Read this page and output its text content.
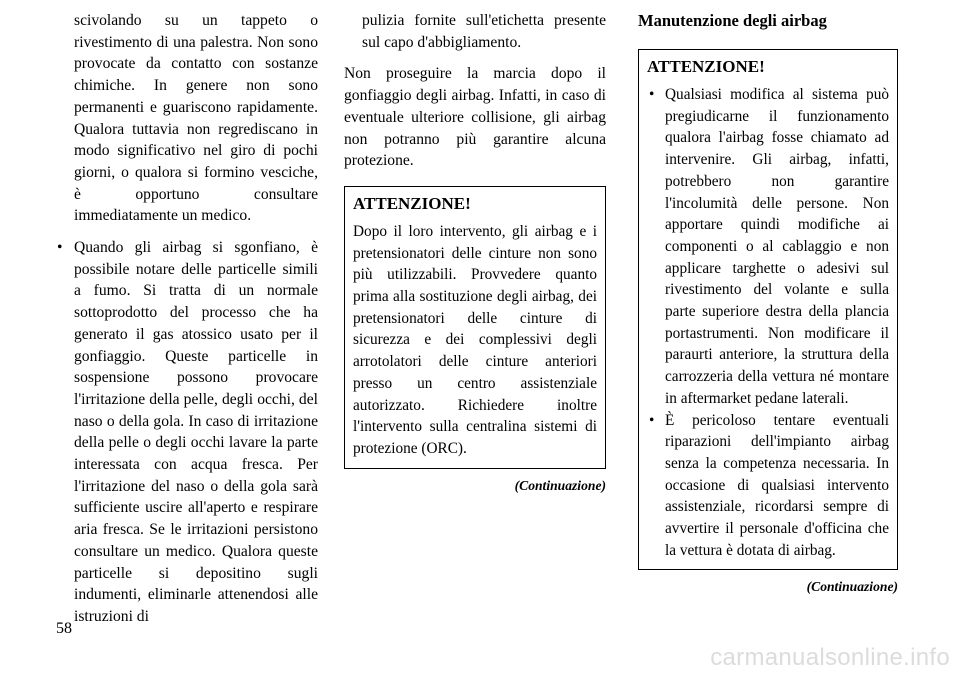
scivolando su un tappeto o rivestimento di una palestra. Non sono provocate da contatto con sostanze chimiche. In genere non sono permanenti e guariscono rapidamente. Qualora tuttavia non regrediscano in modo significativo nel giro di pochi giorni, o qualora si formino vesciche, è opportuno consultare immediatamente un medico.

• Quando gli airbag si sgonfiano, è possibile notare delle particelle simili a fumo. Si tratta di un normale sottoprodotto del processo che ha generato il gas atossico usato per il gonfiaggio. Queste particelle in sospensione possono provocare l'irritazione della pelle, degli occhi, del naso o della gola. In caso di irritazione della pelle o degli occhi lavare la parte interessata con acqua fresca. Per l'irritazione del naso o della gola sarà sufficiente uscire all'aperto e respirare aria fresca. Se le irritazioni persistono consultare un medico. Qualora queste particelle si depositino sugli indumenti, eliminarle attenendosi alle istruzioni di

pulizia fornite sull'etichetta presente sul capo d'abbigliamento.

Non proseguire la marcia dopo il gonfiaggio degli airbag. Infatti, in caso di eventuale ulteriore collisione, gli airbag non potranno più garantire alcuna protezione.

ATTENZIONE!

Dopo il loro intervento, gli airbag e i pretensionatori delle cinture non sono più utilizzabili. Provvedere quanto prima alla sostituzione degli airbag, dei pretensionatori delle cinture di sicurezza e dei complessivi degli arrotolatori delle cinture anteriori presso un centro assistenziale autorizzato. Richiedere inoltre l'intervento sulla centralina sistemi di protezione (ORC).

(Continuazione)
Manutenzione degli airbag
ATTENZIONE!
• Qualsiasi modifica al sistema può pregiudicarne il funzionamento qualora l'airbag fosse chiamato ad intervenire. Gli airbag, infatti, potrebbero non garantire l'incolumità delle persone. Non apportare quindi modifiche ai componenti o al cablaggio e non applicare targhette o adesivi sul rivestimento del volante e sulla parte superiore destra della plancia portastrumenti. Non modificare il paraurti anteriore, la struttura della carrozzeria della vettura né montare in aftermarket pedane laterali.
• È pericoloso tentare eventuali riparazioni dell'impianto airbag senza la competenza necessaria. In occasione di qualsiasi intervento assistenziale, ricordarsi sempre di avvertire il personale d'officina che la vettura è dotata di airbag.
(Continuazione)
58
carmanualsonline.info
